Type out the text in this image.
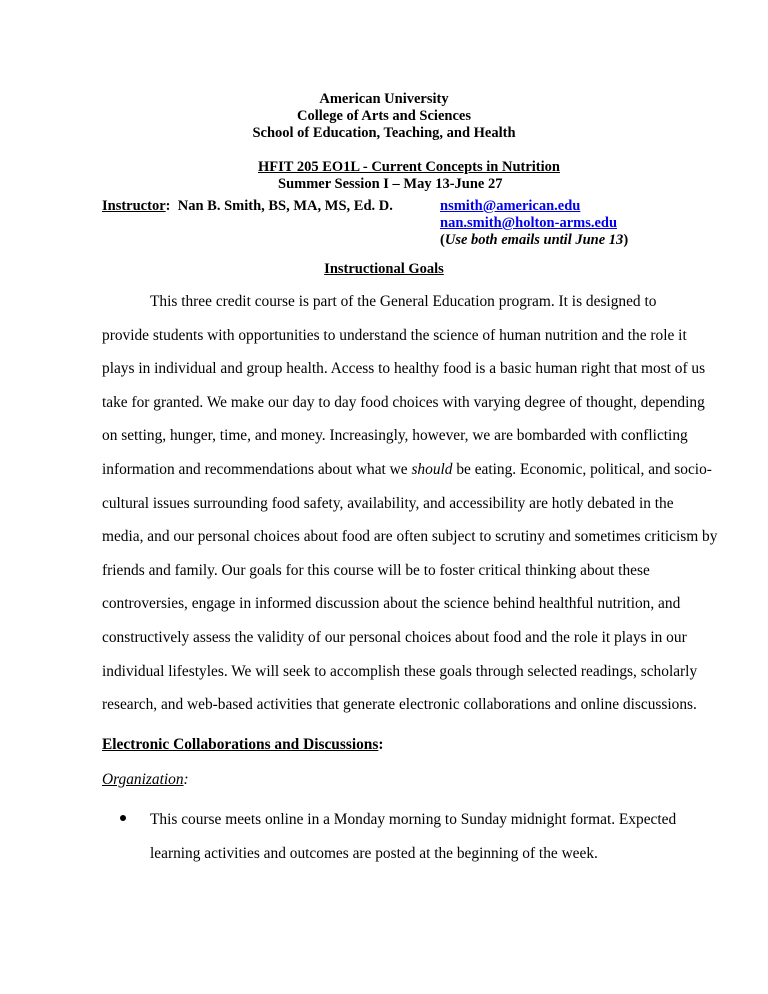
American University
College of Arts and Sciences
School of Education, Teaching, and Health
HFIT 205 EO1L - Current Concepts in Nutrition
Summer Session I – May 13-June 27
Instructor: Nan B. Smith, BS, MA, MS, Ed. D.	nsmith@american.edu
nan.smith@holton-arms.edu
(Use both emails until June 13)
Instructional Goals
This three credit course is part of the General Education program. It is designed to
provide students with opportunities to understand the science of human nutrition and the role it
plays in individual and group health. Access to healthy food is a basic human right that most of us
take for granted. We make our day to day food choices with varying degree of thought, depending
on setting, hunger, time, and money. Increasingly, however, we are bombarded with conflicting
information and recommendations about what we should be eating. Economic, political, and socio-
cultural issues surrounding food safety, availability, and accessibility are hotly debated in the
media, and our personal choices about food are often subject to scrutiny and sometimes criticism by
friends and family. Our goals for this course will be to foster critical thinking about these
controversies, engage in informed discussion about the science behind healthful nutrition, and
constructively assess the validity of our personal choices about food and the role it plays in our
individual lifestyles. We will seek to accomplish these goals through selected readings, scholarly
research, and web-based activities that generate electronic collaborations and online discussions.
Electronic Collaborations and Discussions:
Organization:
This course meets online in a Monday morning to Sunday midnight format. Expected
learning activities and outcomes are posted at the beginning of the week.
